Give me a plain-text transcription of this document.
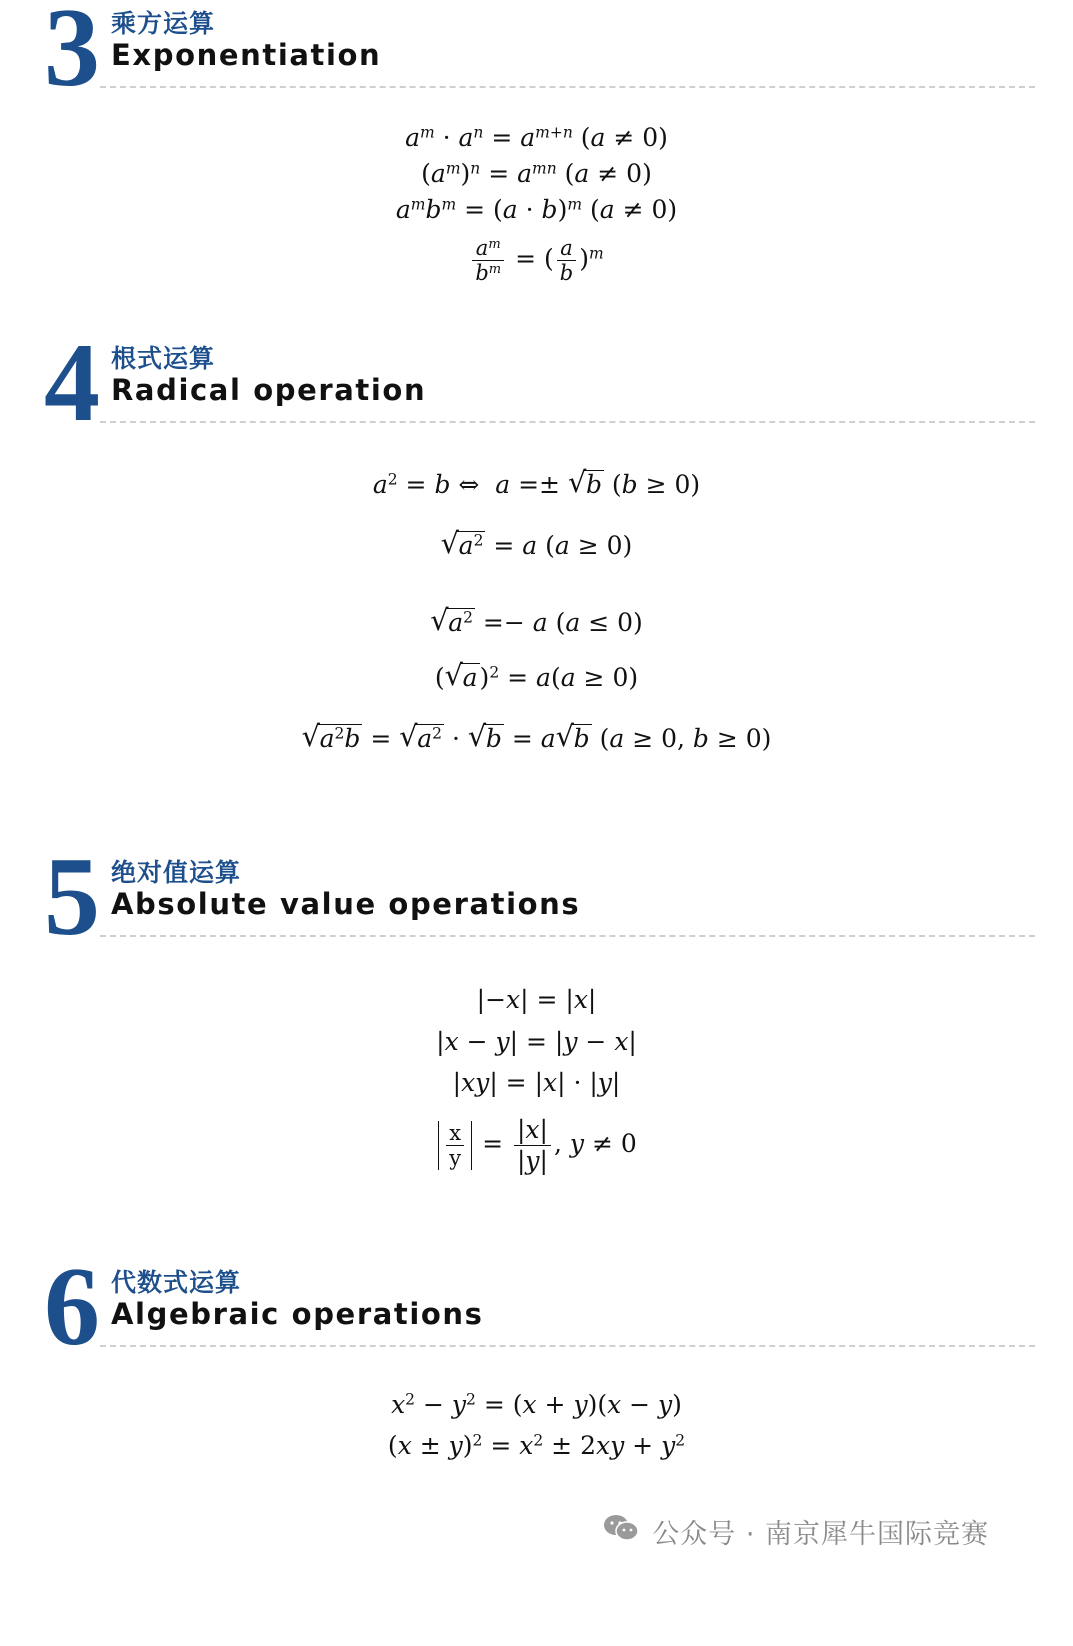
3 乘方运算
Exponentiation
$a^m \cdot a^n = a^{m+n}$ (a ≠ 0)
$(a^m)^n = a^{mn}$ (a ≠ 0)
$a^mb^m = (a \cdot b)^m$ (a ≠ 0)
$\frac{a^m}{b^m}$ = ( $\frac{a}{b} )^m$
4 根式运算
Radical operation
$a^2 = b$ ⇔  a =± √ b (b ≥ 0)
√ $a^2 = a$ (a ≥ 0)
√ $a^2 =- a$ (a ≤ 0)
( √ a)$^2$ = a(a ≥ 0)
√ $a^2b$ = √ $a^2$ · √ b = a √ b (a ≥ 0, b ≥ 0)
5 绝对值运算
Absolute value operations
|−x| = |x|
|x − y| = |y − x|
|xy| = |x| · |y|
$\frac{x}{y} = \frac{|x|}{|y|}$ , y ≠ 0
6 代数式运算
Algebraic operations
$x^2 - y^2 = (x + y)(x - y)$
$(x \pm y)^2 = x^2 \pm 2xy + y^2$
公众号 · 南京犀牛国际竞赛
